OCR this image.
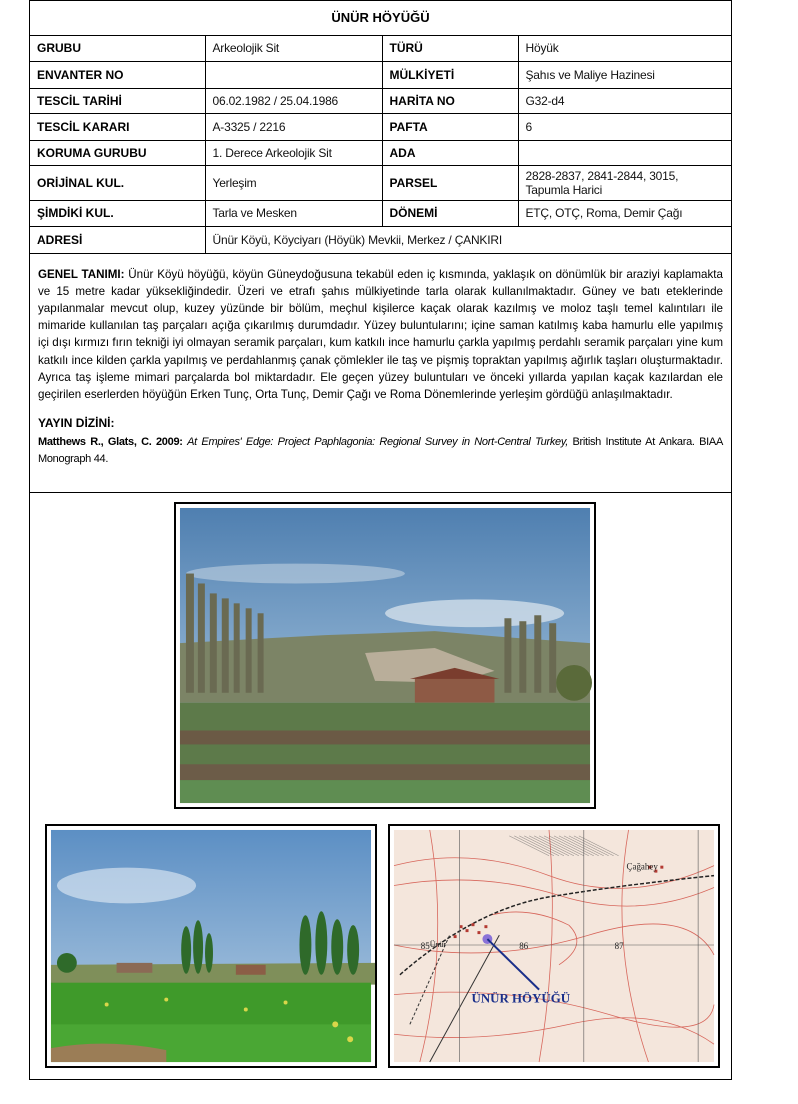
ÜNÜR HÖYÜĞÜ
GRUBU	Arkeolojik Sit	TÜRÜ	Höyük
ENVANTER NO		MÜLKİYETİ	Şahıs ve Maliye Hazinesi
TESCİL TARİHİ	06.02.1982 / 25.04.1986	HARİTA NO	G32-d4
TESCİL KARARI	A-3325 / 2216	PAFTA	6
KORUMA GURUBU	1. Derece Arkeolojik Sit	ADA	
ORİJİNAL KUL.	Yerleşim	PARSEL	2828-2837, 2841-2844, 3015, Tapumla Harici
ŞİMDİKİ KUL.	Tarla ve Mesken	DÖNEMİ	ETÇ, OTÇ, Roma, Demir Çağı
ADRESİ	Ünür Köyü, Köyciyarı (Höyük) Mevkii, Merkez / ÇANKIRI		
GENEL TANIMI: Ünür Köyü höyüğü, köyün Güneydoğusuna tekabül eden iç kısmında, yaklaşık on dönümlük bir araziyi kaplamakta ve 15 metre kadar yüksekliğindedir. Üzeri ve etrafı şahıs mülkiyetinde tarla olarak kullanılmaktadır. Güney ve batı eteklerinde yapılanmalar mevcut olup, kuzey yüzünde bir bölüm, meçhul kişilerce kaçak olarak kazılmış ve moloz taşlı temel kalıntıları ile mimaride kullanılan taş parçaları açığa çıkarılmış durumdadır. Yüzey buluntularını; içine saman katılmış kaba hamurlu elle yapılmış içi dışı kırmızı fırın tekniği iyi olmayan seramik parçaları, kum katkılı ince hamurlu çarkla yapılmış perdahlı seramik parçaları yine kum katkılı ince kilden çarkla yapılmış ve perdahlanmış çanak çömlekler ile taş ve pişmiş topraktan yapılmış ağırlık taşları oluşturmaktadır. Ayrıca taş işleme mimari parçalarda bol miktardadır. Ele geçen yüzey buluntuları ve önceki yıllarda yapılan kaçak kazılardan ele geçirilen eserlerden höyüğün Erken Tunç, Orta Tunç, Demir Çağı ve Roma Dönemlerinde yerleşim gördüğü anlaşılmaktadır.
YAYIN DİZİNİ:
Matthews R., Glats, C. 2009: At Empires' Edge: Project Paphlagonia: Regional Survey in Nort-Central Turkey, British Institute At Ankara. BIAA Monograph 44.
Çağahey
Ünür	86	87
85
ÜNÜR HÖYÜĞÜ
